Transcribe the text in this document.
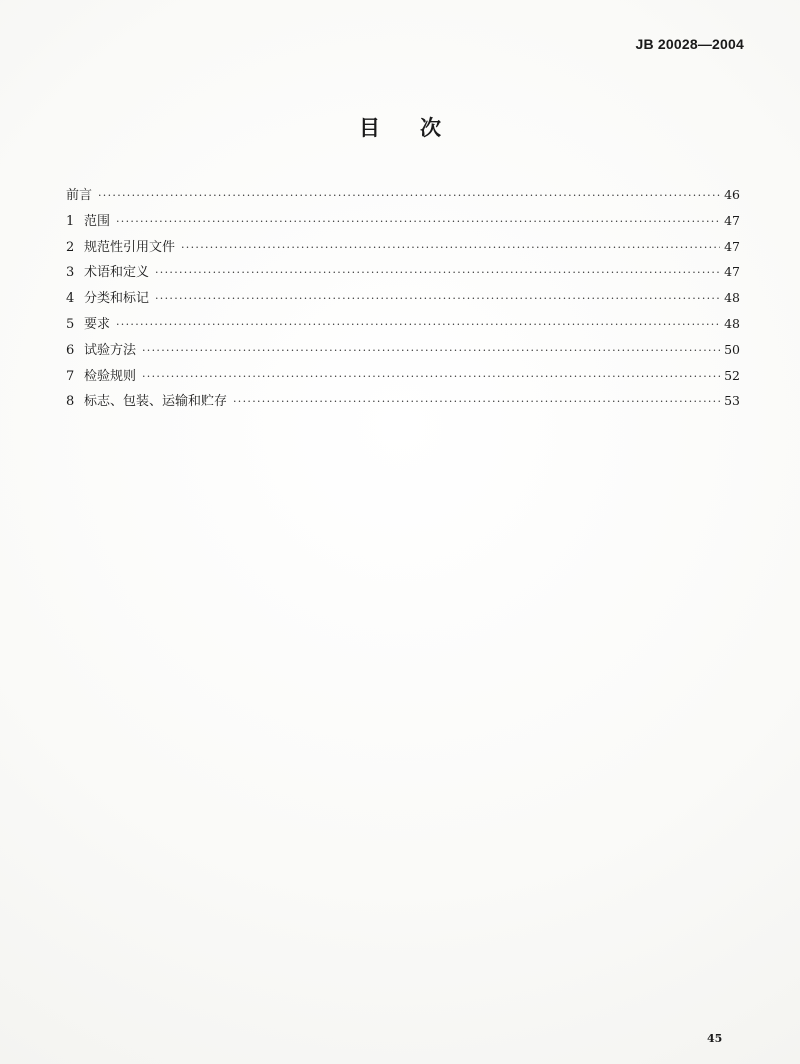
JB 20028—2004
目 次
前言 ·····	46
1 范围 ·····	47
2 规范性引用文件 ·····	47
3 术语和定义 ·····	47
4 分类和标记 ·····	48
5 要求 ·····	48
6 试验方法 ·····	50
7 检验规则 ·····	52
8 标志、包装、运输和贮存 ·····	53
45
